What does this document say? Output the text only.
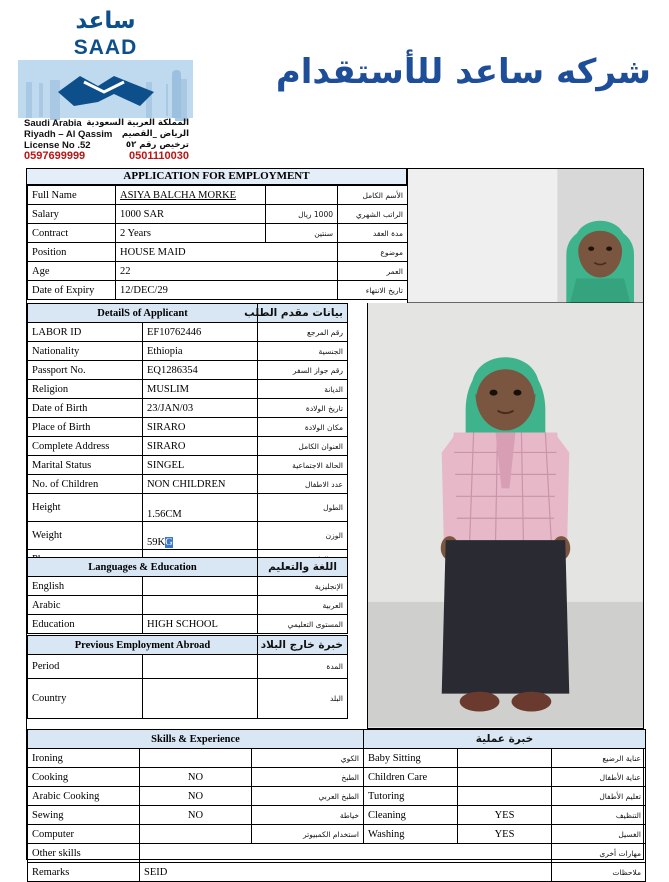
ساعد
SAAD
Saudi Arabia المملكة العربية السعودية
Riyadh – Al Qassim الرياض _القصيم
License No .52	ترخيص رقم ٥٢
0597699999	0501110030
شركه ساعد للأستقدام
APPLICATION FOR EMPLOYMENT
Full Name	ASIYA BALCHA MORKE		الأسم الكامل
Salary	1000 SAR	1000 ريال	الراتب الشهري
Contract	2 Years	سنتين	مدة العقد
Position	HOUSE MAID		موضوع
Age	22		العمر
Date of Expiry	12/DEC/29		تاريخ الانتهاء
DetailS of Applicant		بيانات مقدم الطلب
LABOR ID	EF10762446	رقم المرجع
Nationality	Ethiopia	الجنسية
Passport No.	EQ1286354	رقم جواز السفر
Religion	MUSLIM	الديانة
Date of Birth	23/JAN/03	تاريخ الولادة
Place of Birth	SIRARO	مكان الولادة
Complete Address	SIRARO	العنوان الكامل
Marital Status	SINGEL	الحالة الاجتماعية
No. of Children	NON CHILDREN	عدد الاطفال
Height	1.56CM	الطول
Weight	59KG	الوزن

Languages & Education		اللغة والتعليم
English		الإنجليزية
Arabic		العربية
Education	HIGH SCHOOL	المستوى التعليمي
Previous Employment Abroad		خبرة خارج البلاد
Period		المدة
Country		البلد
Skills & Experience			خبرة عملية		
Ironing		الكوي	Baby Sitting		عناية الرضيع
Cooking	NO	الطبخ	Children Care		عناية الأطفال
Arabic Cooking	NO	الطبخ العربي	Tutoring		تعليم الأطفال
Sewing	NO	خياطة	Cleaning	YES	التنظيف
Computer		استخدام الكمبيوتر	Washing	YES	الغسيل
Other skills					مهارات أخرى
Remarks	SEID				ملاحظات
